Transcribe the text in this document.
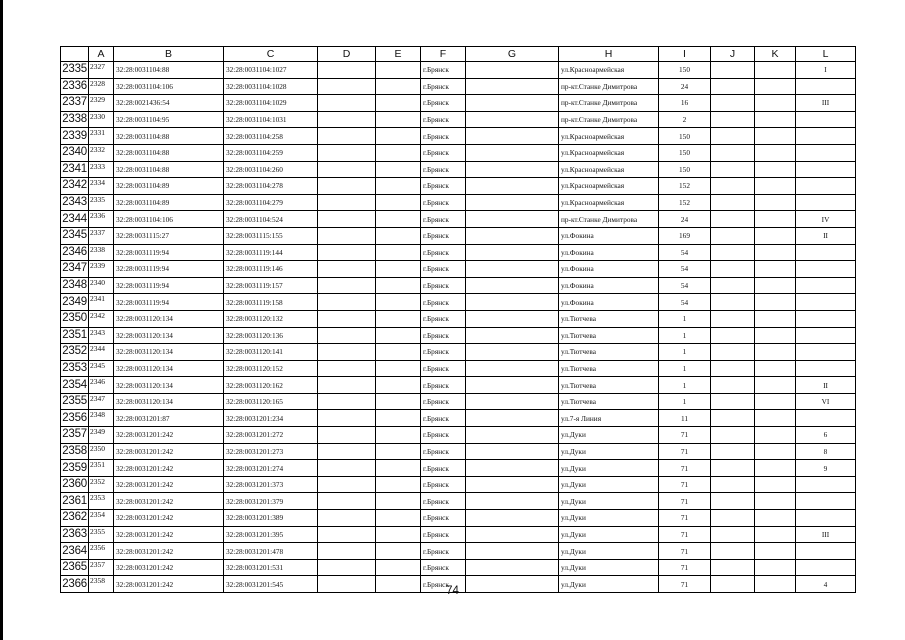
	A	B	C	D	E	F	G	H	I	J	K	L
2335	2327	32:28:0031104:88	32:28:0031104:1027			г.Брянск		ул.Красноармейская	150			I
2336	2328	32:28:0031104:106	32:28:0031104:1028			г.Брянск		пр-кт.Станке Димитрова	24			
2337	2329	32:28:0021436:54	32:28:0031104:1029			г.Брянск		пр-кт.Станке Димитрова	16			III
2338	2330	32:28:0031104:95	32:28:0031104:1031			г.Брянск		пр-кт.Станке Димитрова	2			
2339	2331	32:28:0031104:88	32:28:0031104:258			г.Брянск		ул.Красноармейская	150			
2340	2332	32:28:0031104:88	32:28:0031104:259			г.Брянск		ул.Красноармейская	150			
2341	2333	32:28:0031104:88	32:28:0031104:260			г.Брянск		ул.Красноармейская	150			
2342	2334	32:28:0031104:89	32:28:0031104:278			г.Брянск		ул.Красноармейская	152			
2343	2335	32:28:0031104:89	32:28:0031104:279			г.Брянск		ул.Красноармейская	152			
2344	2336	32:28:0031104:106	32:28:0031104:524			г.Брянск		пр-кт.Станке Димитрова	24			IV
2345	2337	32:28:0031115:27	32:28:0031115:155			г.Брянск		ул.Фокина	169			II
2346	2338	32:28:0031119:94	32:28:0031119:144			г.Брянск		ул.Фокина	54			
2347	2339	32:28:0031119:94	32:28:0031119:146			г.Брянск		ул.Фокина	54			
2348	2340	32:28:0031119:94	32:28:0031119:157			г.Брянск		ул.Фокина	54			
2349	2341	32:28:0031119:94	32:28:0031119:158			г.Брянск		ул.Фокина	54			
2350	2342	32:28:0031120:134	32:28:0031120:132			г.Брянск		ул.Тютчева	1			
2351	2343	32:28:0031120:134	32:28:0031120:136			г.Брянск		ул.Тютчева	1			
2352	2344	32:28:0031120:134	32:28:0031120:141			г.Брянск		ул.Тютчева	1			
2353	2345	32:28:0031120:134	32:28:0031120:152			г.Брянск		ул.Тютчева	1			
2354	2346	32:28:0031120:134	32:28:0031120:162			г.Брянск		ул.Тютчева	1			II
2355	2347	32:28:0031120:134	32:28:0031120:165			г.Брянск		ул.Тютчева	1			VI
2356	2348	32:28:0031201:87	32:28:0031201:234			г.Брянск		ул.7-я Линия	11			
2357	2349	32:28:0031201:242	32:28:0031201:272			г.Брянск		ул.Дуки	71			6
2358	2350	32:28:0031201:242	32:28:0031201:273			г.Брянск		ул.Дуки	71			8
2359	2351	32:28:0031201:242	32:28:0031201:274			г.Брянск		ул.Дуки	71			9
2360	2352	32:28:0031201:242	32:28:0031201:373			г.Брянск		ул.Дуки	71			
2361	2353	32:28:0031201:242	32:28:0031201:379			г.Брянск		ул.Дуки	71			
2362	2354	32:28:0031201:242	32:28:0031201:389			г.Брянск		ул.Дуки	71			
2363	2355	32:28:0031201:242	32:28:0031201:395			г.Брянск		ул.Дуки	71			III
2364	2356	32:28:0031201:242	32:28:0031201:478			г.Брянск		ул.Дуки	71			
2365	2357	32:28:0031201:242	32:28:0031201:531			г.Брянск		ул.Дуки	71			
2366	2358	32:28:0031201:242	32:28:0031201:545			г.Брянск		ул.Дуки	71			4
74
